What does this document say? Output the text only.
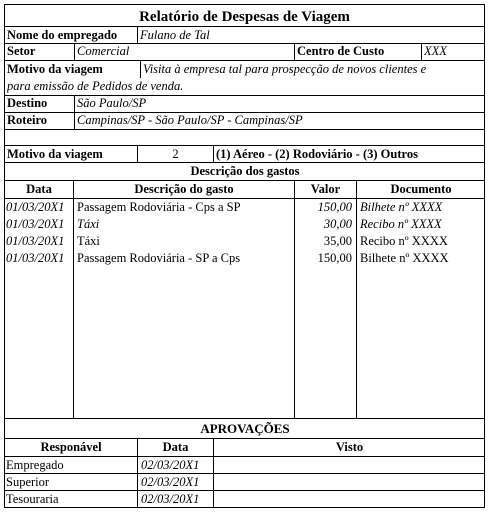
Relatório de Despesas de Viagem
Nome do empregado	Fulano de Tal
Setor	Comercial	Centro de Custo	XXX
Motivo da viagem	Visita à empresa tal para prospecção de novos clientes e
para emissão de Pedidos de venda.
Destino	São Paulo/SP
Roteiro	Campinas/SP - São Paulo/SP - Campinas/SP
Motivo da viagem	2	(1) Aéreo - (2) Rodoviário - (3) Outros
Descrição dos gastos
Data	Descrição do gasto	Valor	Documento
01/03/20X1	Passagem Rodoviária - Cps a SP	150,00 Bilhete nº XXXX
01/03/20X1	Táxi	30,00 Recibo nº XXXX
01/03/20X1	Táxi	35,00 Recibo nº XXXX
01/03/20X1	Passagem Rodoviária - SP a Cps	150,00 Bilhete nº XXXX
APROVAÇÕES
Responável	Data	Visto
Empregado	02/03/20X1
Superior	02/03/20X1
Tesouraria	02/03/20X1
